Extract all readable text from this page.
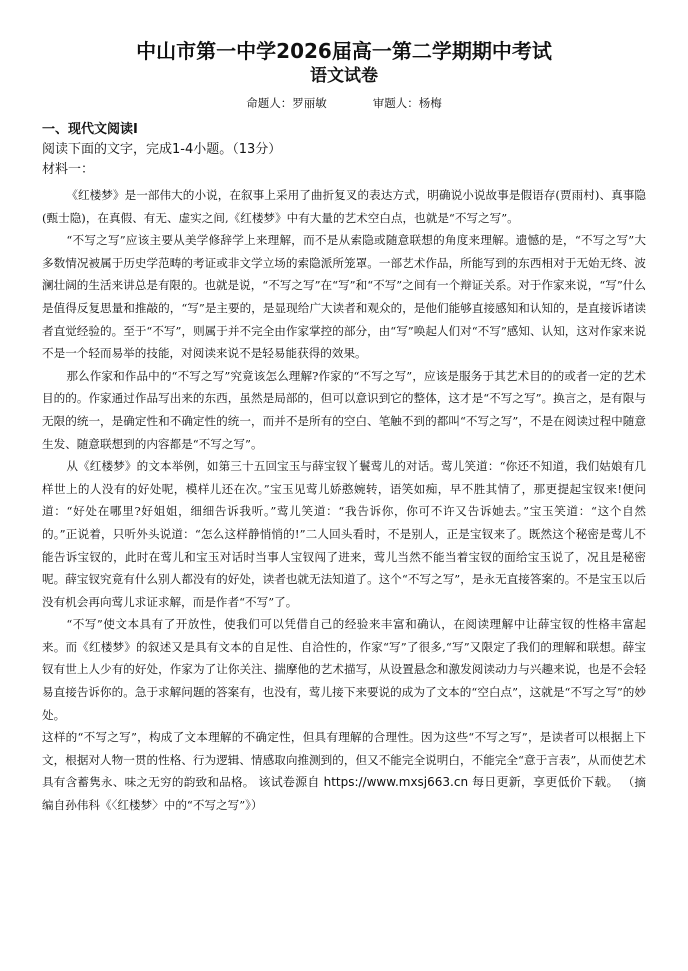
中山市第一中学2026届高一第二学期期中考试
语文试卷
命题人：罗丽敏	审题人：杨梅
一、现代文阅读Ⅰ
阅读下面的文字，完成1-4小题。（13分）
材料一：

《红楼梦》是一部伟大的小说，在叙事上采用了曲折复叉的表达方式，明确说小说故事是假语存(贾雨村)、真事隐(甄士隐)，在真假、有无、虚实之间,《红楼梦》中有大量的艺术空白点，也就是“不写之写”。

“不写之写”应该主要从美学修辞学上来理解，而不是从索隐或随意联想的角度来理解。遗憾的是，“不写之写”大多数情况被属于历史学范畴的考证或非文学立场的索隐派所笼罩。一部艺术作品，所能写到的东西相对于无始无终、波澜壮阔的生活来讲总是有限的。也就是说，“不写之写”在“写”和“不写”之间有一个辩证关系。对于作家来说，“写”什么是值得反复思量和推敲的，“写”是主要的，是显现给广大读者和观众的，是他们能够直接感知和认知的，是直接诉诸读者直觉经验的。至于“不写”，则属于并不完全由作家掌控的部分，由“写”唤起人们对“不写”感知、认知，这对作家来说不是一个轻而易举的技能，对阅读来说不是轻易能获得的效果。

那么作家和作品中的“不写之写”究竟该怎么理解?作家的“不写之写”，应该是服务于其艺术目的的或者一定的艺术目的的。作家通过作品写出来的东西，虽然是局部的，但可以意识到它的整体，这才是“不写之写”。换言之，是有限与无限的统一，是确定性和不确定性的统一，而并不是所有的空白、笔触不到的都叫“不写之写”，不是在阅读过程中随意生发、随意联想到的内容都是“不写之写”。

从《红楼梦》的文本举例，如第三十五回宝玉与薛宝钗丫鬟莺儿的对话。莺儿笑道：“你还不知道，我们姑娘有几样世上的人没有的好处呢，模样儿还在次。”宝玉见莺儿娇憨婉转，语笑如痴，早不胜其情了，那更提起宝钗来!便问道：“好处在哪里?好姐姐，细细告诉我听。”莺儿笑道：“我告诉你，你可不许又告诉她去。”宝玉笑道：“这个自然的。”正说着，只听外头说道：“怎么这样静悄悄的!”二人回头看时，不是别人，正是宝钗来了。既然这个秘密是莺儿不能告诉宝钗的，此时在莺儿和宝玉对话时当事人宝钗闯了进来，莺儿当然不能当着宝钗的面给宝玉说了，况且是秘密呢。薛宝钗究竟有什么别人都没有的好处，读者也就无法知道了。这个“不写之写”，是永无直接答案的。不是宝玉以后没有机会再向莺儿求证求解，而是作者“不写”了。

“不写”使文本具有了开放性，使我们可以凭借自己的经验来丰富和确认，在阅读理解中让薛宝钗的性格丰富起来。而《红楼梦》的叙述又是具有文本的自足性、自洽性的，作家“写”了很多,“写”又限定了我们的理解和联想。薛宝钗有世上人少有的好处，作家为了让你关注、揣摩他的艺术描写，从设置悬念和激发阅读动力与兴趣来说，也是不会轻易直接告诉你的。急于求解问题的答案有，也没有，莺儿接下来要说的成为了文本的“空白点”，这就是“不写之写”的妙处。

这样的“不写之写”，构成了文本理解的不确定性，但具有理解的合理性。因为这些“不写之写”，是读者可以根据上下文，根据对人物一贯的性格、行为逻辑、情感取向推测到的，但又不能完全说明白，不能完全“意于言表”，从而使艺术具有含蓄隽永、味之无穷的韵致和品格。 该试卷源自 https://www.mxsj663.cn 每日更新，享更低价下载。 （摘编自孙伟科《〈红楼梦〉中的“不写之写”》）
